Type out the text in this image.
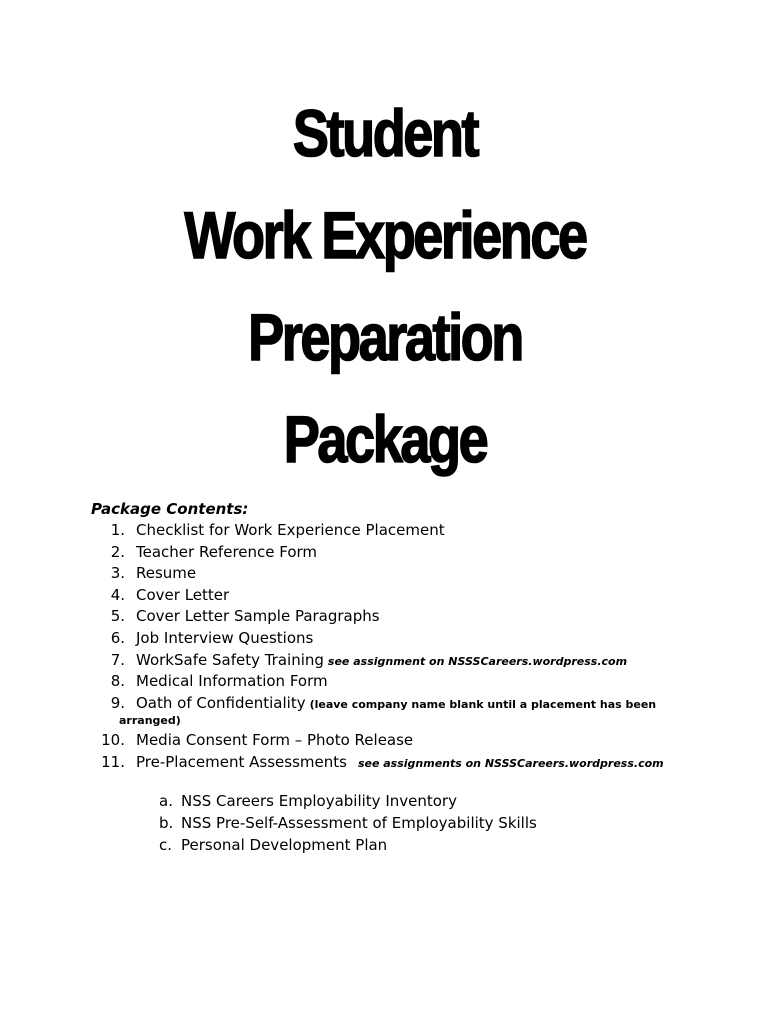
Student
Work Experience
Preparation
Package
Package Contents:
1. Checklist for Work Experience Placement
2. Teacher Reference Form
3. Resume
4. Cover Letter
5. Cover Letter Sample Paragraphs
6. Job Interview Questions
7. WorkSafe Safety Training see assignment on NSSSCareers.wordpress.com
8. Medical Information Form
9. Oath of Confidentiality (leave company name blank until a placement has been
arranged)
10. Media Consent Form – Photo Release
11. Pre-Placement Assessments see assignments on NSSSCareers.wordpress.com
a. NSS Careers Employability Inventory
b. NSS Pre-Self-Assessment of Employability Skills
c. Personal Development Plan
